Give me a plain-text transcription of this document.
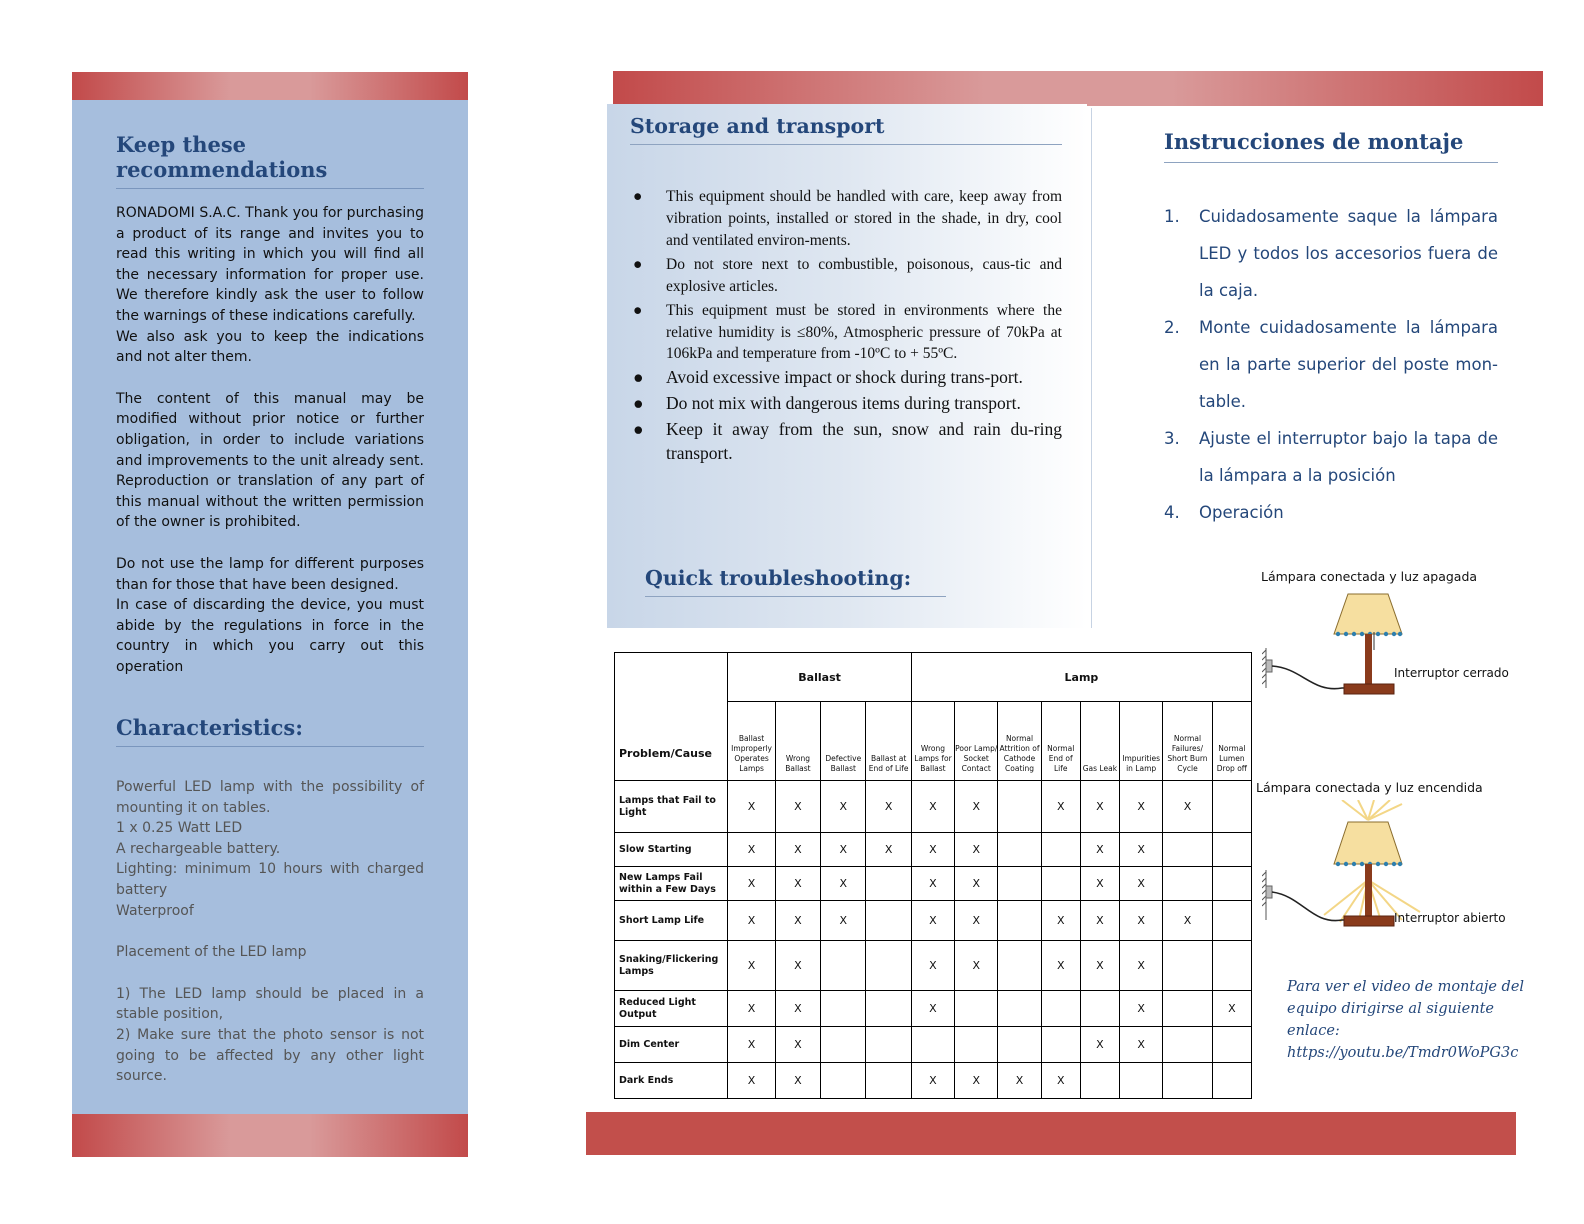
Keep these recommendations

RONADOMI S.A.C. Thank you for purchasing a product of its range and invites you to read this writing in which you will find all the necessary information for proper use. We therefore kindly ask the user to follow the warnings of these indications carefully.

We also ask you to keep the indications and not alter them.

The content of this manual may be modified without prior notice or further obligation, in order to include variations and improvements to the unit already sent. Reproduction or translation of any part of this manual without the written permission of the owner is prohibited.

Do not use the lamp for different purposes than for those that have been designed.

In case of discarding the device, you must abide by the regulations in force in the country in which you carry out this operation

Characteristics:

Powerful LED lamp with the possibility of mounting it on tables.

1 x 0.25 Watt LED

A rechargeable battery.

Lighting: minimum 10 hours with charged battery

Waterproof

Placement of the LED lamp

1) The LED lamp should be placed in a stable position,

2) Make sure that the photo sensor is not going to be affected by any other light source.

Storage and transport
● This equipment should be handled with care, keep away from vibration points, installed or stored in the shade, in dry, cool and ventilated environ-ments.
● Do not store next to combustible, poisonous, caus-tic and explosive articles.
● This equipment must be stored in environments where the relative humidity is ≤80%, Atmospheric pressure of 70kPa at 106kPa and temperature from -10ºC to + 55ºC.
● Avoid excessive impact or shock during trans-port.
● Do not mix with dangerous items during transport.
● Keep it away from the sun, snow and rain du-ring transport.
Quick troubleshooting:
Problem/Cause	Ballast				Lamp							
	Ballast Improperly Operates Lamps	Wrong Ballast	Defective Ballast	Ballast at End of Life	Wrong Lamps for Ballast	Poor Lamp/ Socket Contact	Normal Attrition of Cathode Coating	Normal End of Life	Gas Leak	Impurities in Lamp	Normal Failures/ Short Burn Cycle	Normal Lumen Drop off
Lamps that Fail to Light	X	X	X	X	X	X		X	X	X	X	
Slow Starting	X	X	X	X	X	X			X	X		
New Lamps Fail within a Few Days	X	X	X		X	X			X	X		
Short Lamp Life	X	X	X		X	X		X	X	X	X	
Snaking/Flickering Lamps	X	X			X	X		X	X	X		
Reduced Light Output	X	X			X					X		X
Dim Center	X	X							X	X		
Dark Ends	X	X			X	X	X	X				
Instrucciones de montaje
1. Cuidadosamente saque la lámpara LED y todos los accesorios fuera de la caja.
2. Monte cuidadosamente la lámpara en la parte superior del poste mon-table.
3. Ajuste el interruptor bajo la tapa de la lámpara a la posición
4. Operación
Lámpara conectada y luz apagada
Interruptor cerrado
Lámpara conectada y luz encendida
Interruptor abierto
Para ver el video de montaje del equipo dirigirse al siguiente enlace:
https://youtu.be/Tmdr0WoPG3c
